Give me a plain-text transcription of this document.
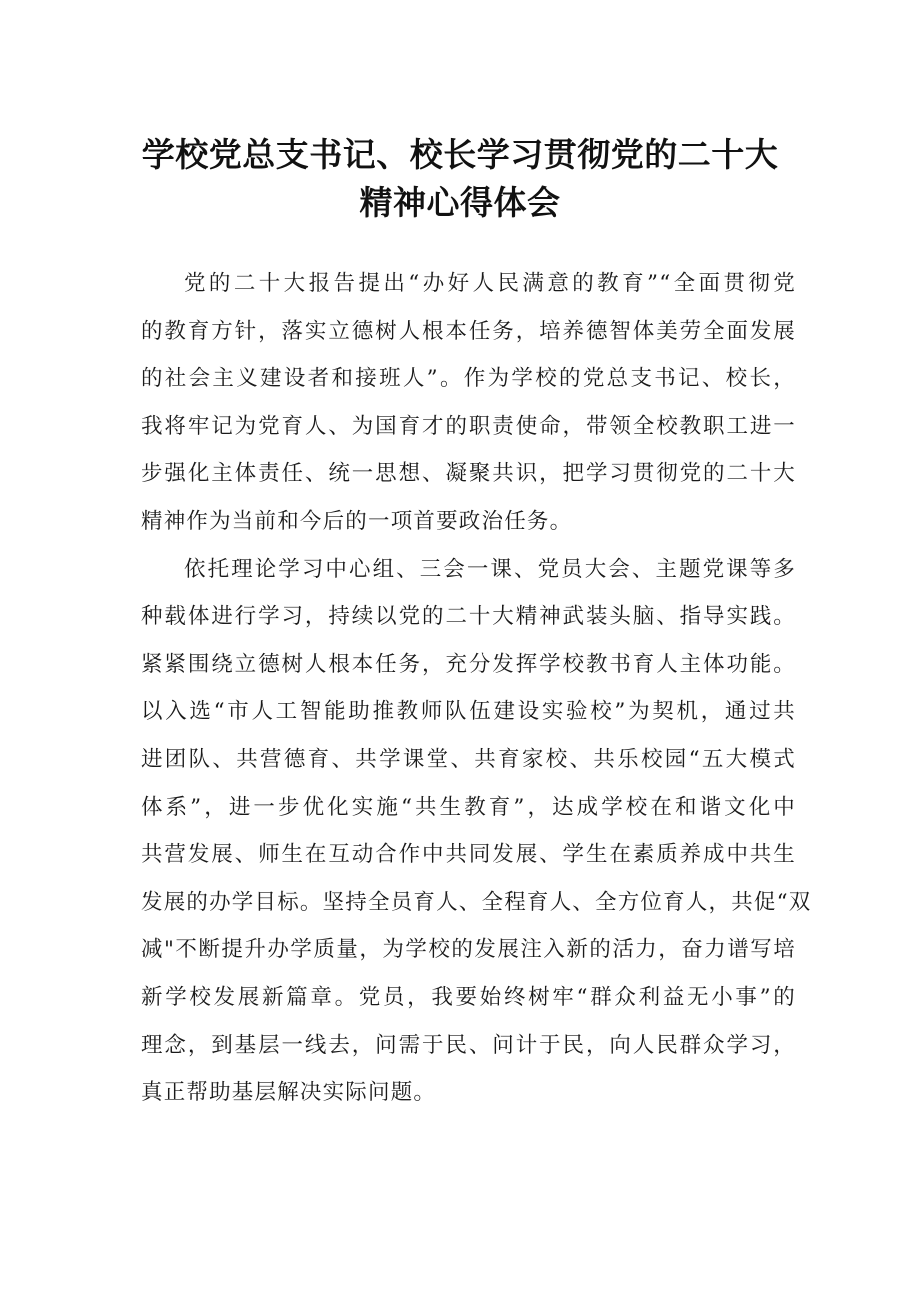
学校党总支书记、校长学习贯彻党的二十大
精神心得体会
党的二十大报告提出“办好人民满意的教育”“全面贯彻党
的教育方针，落实立德树人根本任务，培养德智体美劳全面发展
的社会主义建设者和接班人”。作为学校的党总支书记、校长，
我将牢记为党育人、为国育才的职责使命，带领全校教职工进一
步强化主体责任、统一思想、凝聚共识，把学习贯彻党的二十大
精神作为当前和今后的一项首要政治任务。
依托理论学习中心组、三会一课、党员大会、主题党课等多
种载体进行学习，持续以党的二十大精神武装头脑、指导实践。
紧紧围绕立德树人根本任务，充分发挥学校教书育人主体功能。
以入选“市人工智能助推教师队伍建设实验校”为契机，通过共
进团队、共营德育、共学课堂、共育家校、共乐校园“五大模式
体系”，进一步优化实施“共生教育”，达成学校在和谐文化中
共营发展、师生在互动合作中共同发展、学生在素质养成中共生
发展的办学目标。坚持全员育人、全程育人、全方位育人，共促“双
减"不断提升办学质量，为学校的发展注入新的活力，奋力谱写培
新学校发展新篇章。党员，我要始终树牢“群众利益无小事”的
理念，到基层一线去，问需于民、问计于民，向人民群众学习，
真正帮助基层解决实际问题。
